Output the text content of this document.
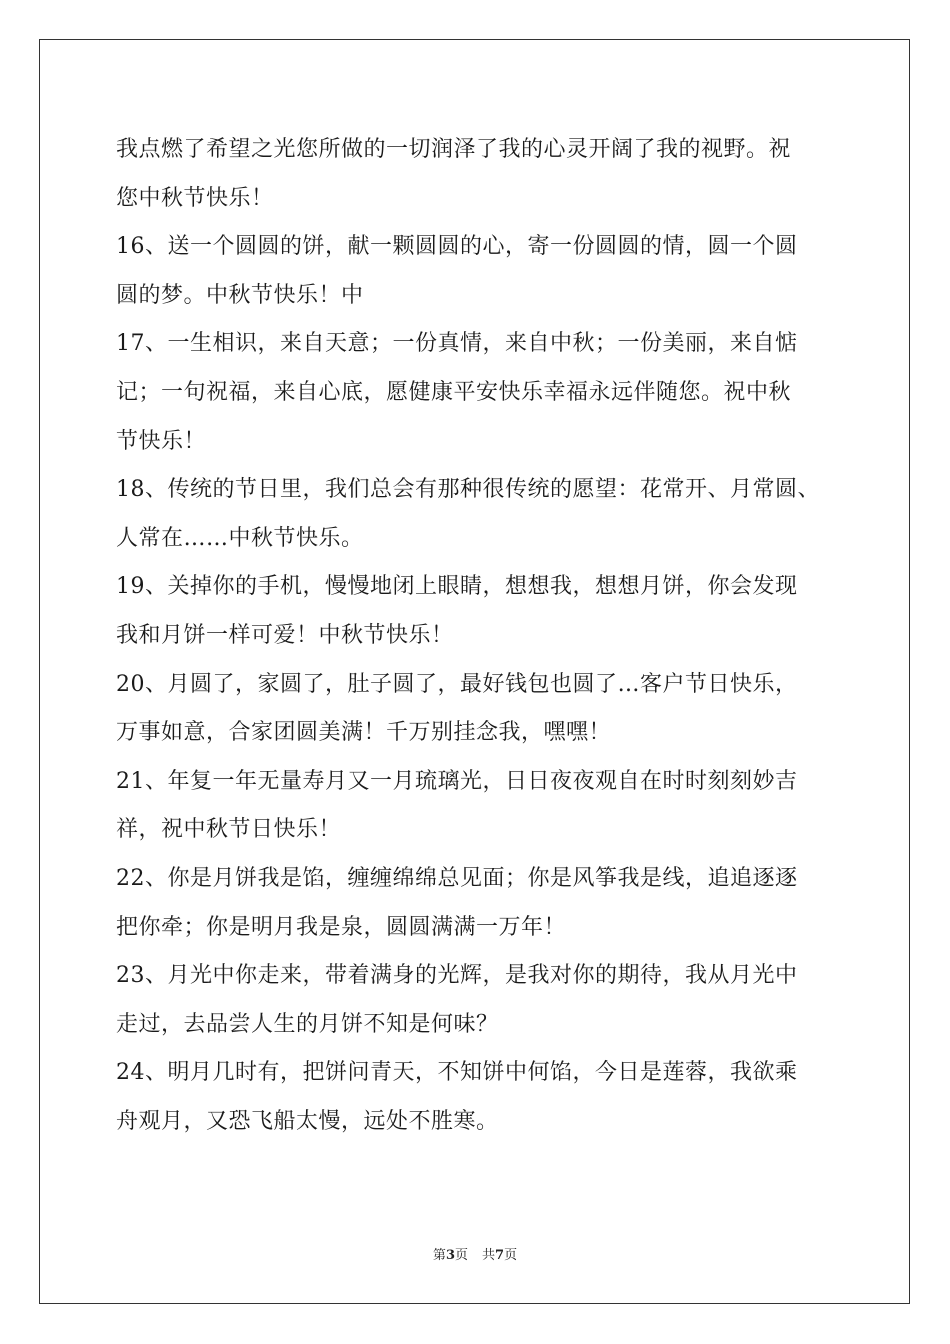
我点燃了希望之光您所做的一切润泽了我的心灵开阔了我的视野。祝
您中秋节快乐！
16、送一个圆圆的饼，献一颗圆圆的心，寄一份圆圆的情，圆一个圆
圆的梦。中秋节快乐！中
17、一生相识，来自天意；一份真情，来自中秋；一份美丽，来自惦
记；一句祝福，来自心底，愿健康平安快乐幸福永远伴随您。祝中秋
节快乐！
18、传统的节日里，我们总会有那种很传统的愿望：花常开、月常圆、
人常在……中秋节快乐。
19、关掉你的手机，慢慢地闭上眼睛，想想我，想想月饼，你会发现
我和月饼一样可爱！中秋节快乐！
20、月圆了，家圆了，肚子圆了，最好钱包也圆了…客户节日快乐，
万事如意，合家团圆美满！千万别挂念我，嘿嘿！
21、年复一年无量寿月又一月琉璃光，日日夜夜观自在时时刻刻妙吉
祥，祝中秋节日快乐！
22、你是月饼我是馅，缠缠绵绵总见面；你是风筝我是线，追追逐逐
把你牵；你是明月我是泉，圆圆满满一万年！
23、月光中你走来，带着满身的光辉，是我对你的期待，我从月光中
走过，去品尝人生的月饼不知是何味？
24、明月几时有，把饼问青天，不知饼中何馅，今日是莲蓉，我欲乘
舟观月，又恐飞船太慢，远处不胜寒。
第3页 共7页
